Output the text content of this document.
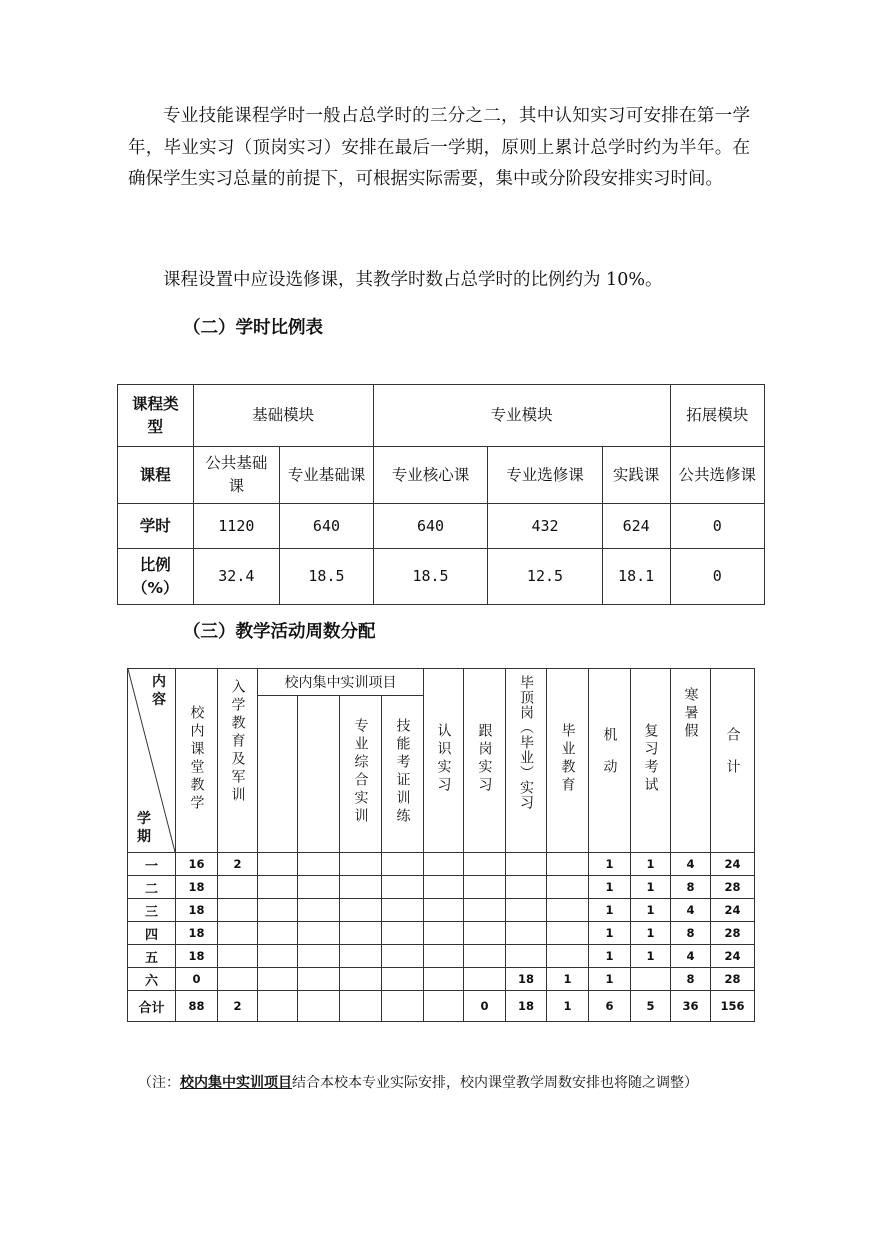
专业技能课程学时一般占总学时的三分之二，其中认知实习可安排在第一学年，毕业实习（顶岗实习）安排在最后一学期，原则上累计总学时约为半年。在确保学生实习总量的前提下，可根据实际需要，集中或分阶段安排实习时间。

课程设置中应设选修课，其教学时数占总学时的比例约为 10%。

（二）学时比例表
课程类型	基础模块		专业模块			拓展模块
课程	公共基础课	专业基础课	专业核心课	专业选修课	实践课	公共选修课
学时	1120	640	640	432	624	0
比例（%）	32.4	18.5	18.5	12.5	18.1	0
（三）教学活动周数分配
内容
学期	校内课堂教学	入学教育及军训	校内集中实训项目				认识实习	跟岗实习	毕顶岗（毕业）实习	毕业教育	机动	复习考试	寒暑假	合计
					专业综合实训	技能考证训练								
一	16	2									1	1	4	24
二	18										1	1	8	28
三	18										1	1	4	24
四	18										1	1	8	28
五	18										1	1	4	24
六	0								18	1	1		8	28
合计	88	2						0	18	1	6	5	36	156

（注：校内集中实训项目结合本校本专业实际安排，校内课堂教学周数安排也将随之调整）
